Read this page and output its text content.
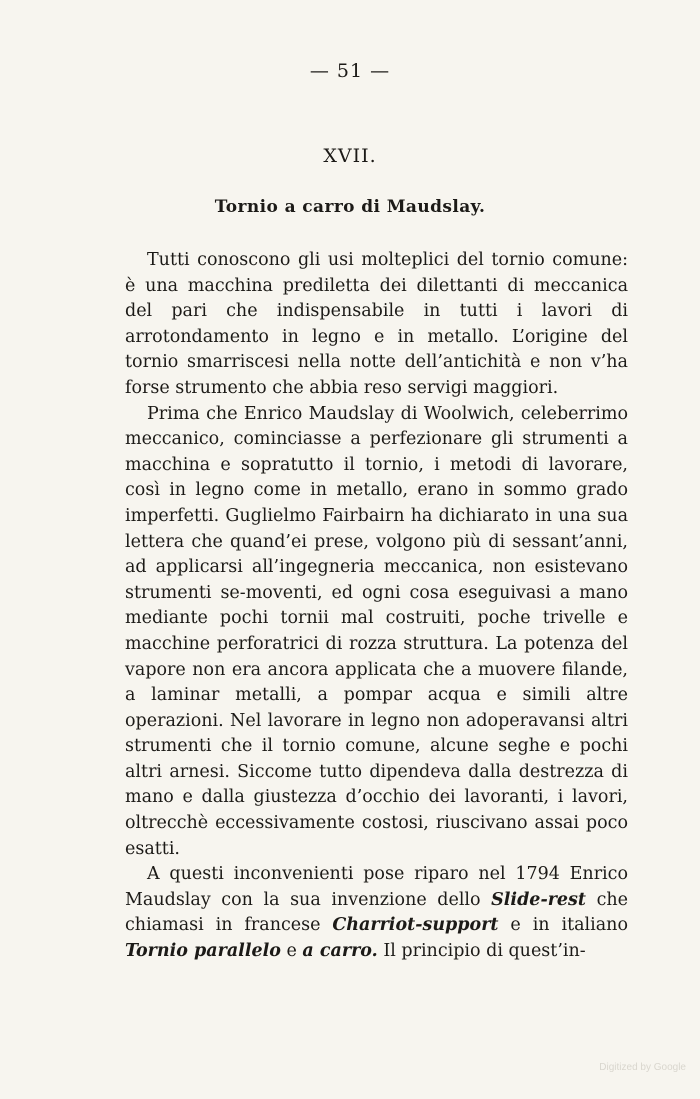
— 51 —
XVII.
Tornio a carro di Maudslay.

Tutti conoscono gli usi molteplici del tornio comune: è una macchina prediletta dei dilettanti di meccanica del pari che indispensabile in tutti i lavori di arrotondamento in legno e in metallo. L’origine del tornio smarriscesi nella notte dell’antichità e non v’ha forse strumento che abbia reso servigi maggiori.

Prima che Enrico Maudslay di Woolwich, celeberrimo meccanico, cominciasse a perfezionare gli strumenti a macchina e sopratutto il tornio, i metodi di lavorare, così in legno come in metallo, erano in sommo grado imperfetti. Guglielmo Fairbairn ha dichiarato in una sua lettera che quand’ei prese, volgono più di sessant’anni, ad applicarsi all’ingegneria meccanica, non esistevano strumenti se-moventi, ed ogni cosa eseguivasi a mano mediante pochi tornii mal costruiti, poche trivelle e macchine perforatrici di rozza struttura. La potenza del vapore non era ancora applicata che a muovere filande, a laminar metalli, a pompar acqua e simili altre operazioni. Nel lavorare in legno non adoperavansi altri strumenti che il tornio comune, alcune seghe e pochi altri arnesi. Siccome tutto dipendeva dalla destrezza di mano e dalla giustezza d’occhio dei lavoranti, i lavori, oltrecchè eccessivamente costosi, riuscivano assai poco esatti.

A questi inconvenienti pose riparo nel 1794 Enrico Maudslay con la sua invenzione dello Slide-rest che chiamasi in francese Charriot-support e in italiano Tornio parallelo e a carro. Il principio di quest’in-

Digitized by Google
